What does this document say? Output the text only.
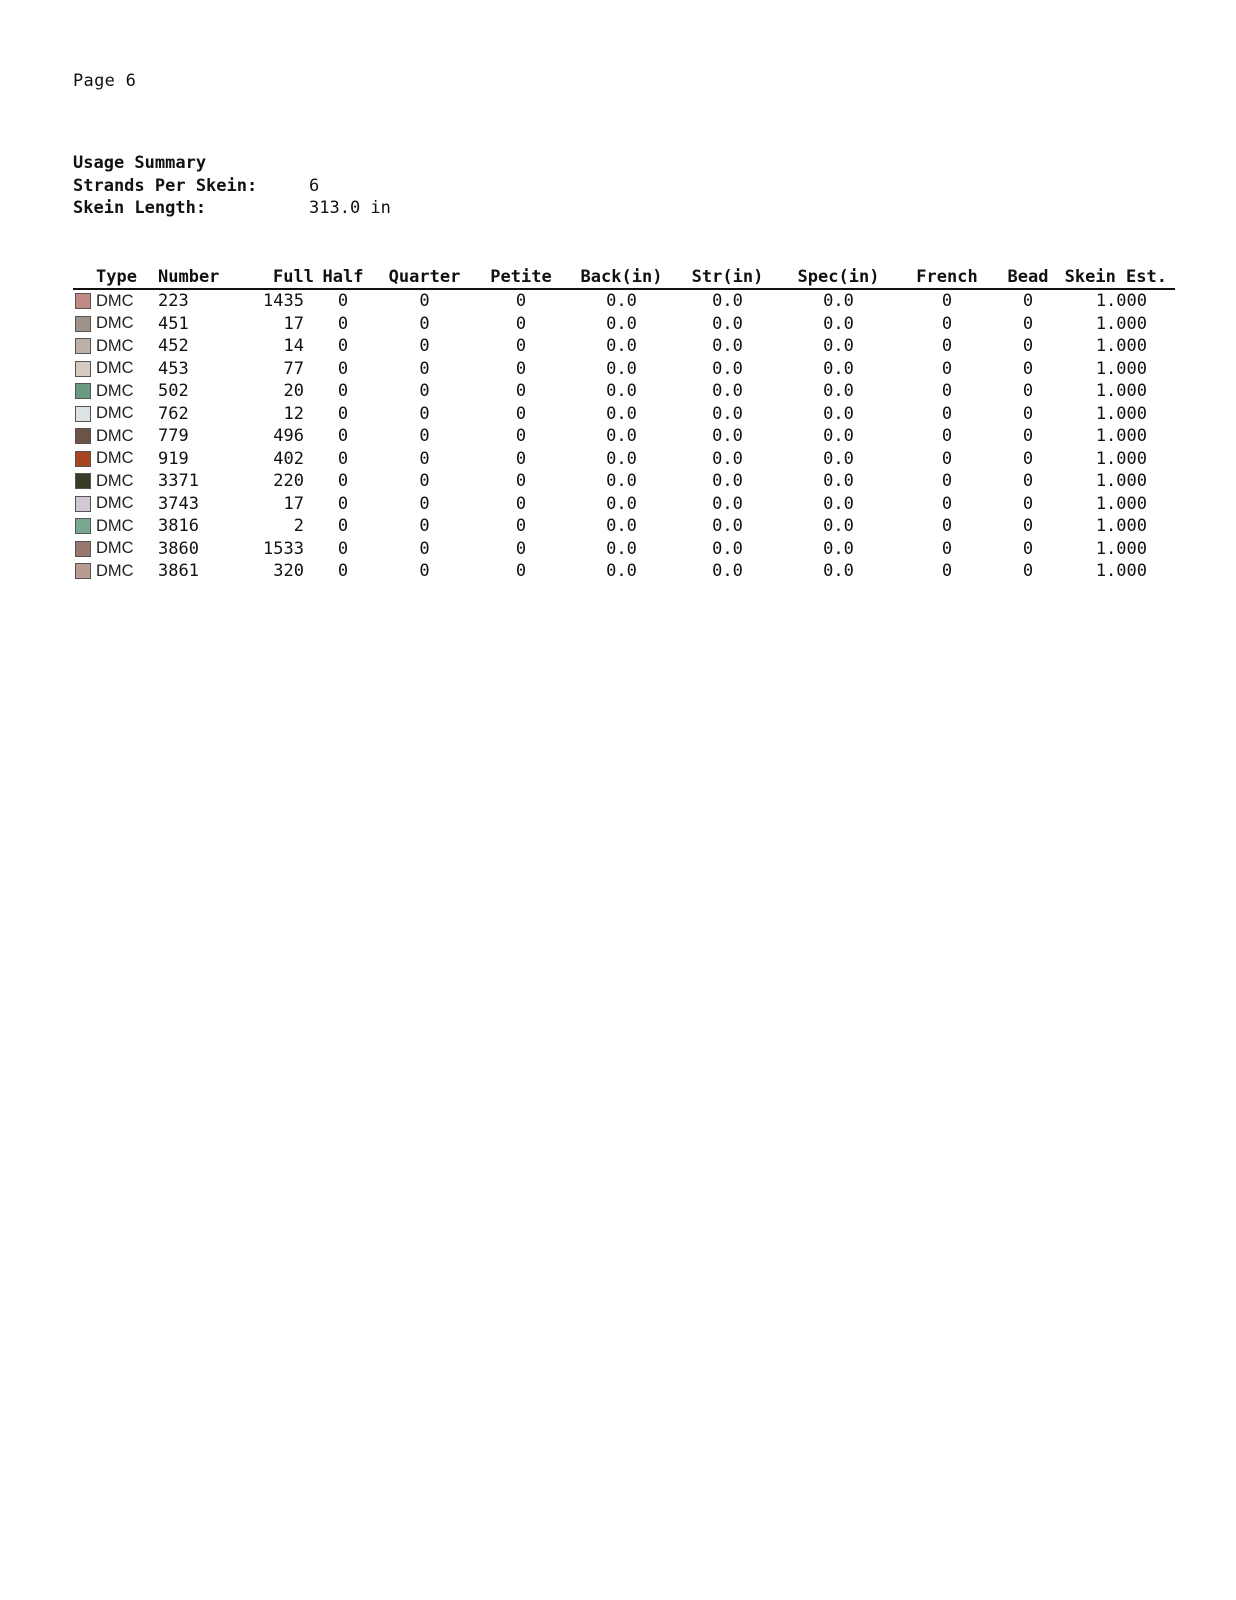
Page 6
Usage Summary
Strands Per Skein:	6
Skein Length:	313.0 in
	Type	Number	Full	Half	Quarter	Petite	Back(in)	Str(in)	Spec(in)	French	Bead	Skein Est.
	DMC	223	1435	0	0	0	0.0	0.0	0.0	0	0	1.000
	DMC	451	17	0	0	0	0.0	0.0	0.0	0	0	1.000
	DMC	452	14	0	0	0	0.0	0.0	0.0	0	0	1.000
	DMC	453	77	0	0	0	0.0	0.0	0.0	0	0	1.000
	DMC	502	20	0	0	0	0.0	0.0	0.0	0	0	1.000
	DMC	762	12	0	0	0	0.0	0.0	0.0	0	0	1.000
	DMC	779	496	0	0	0	0.0	0.0	0.0	0	0	1.000
	DMC	919	402	0	0	0	0.0	0.0	0.0	0	0	1.000
	DMC	3371	220	0	0	0	0.0	0.0	0.0	0	0	1.000
	DMC	3743	17	0	0	0	0.0	0.0	0.0	0	0	1.000
	DMC	3816	2	0	0	0	0.0	0.0	0.0	0	0	1.000
	DMC	3860	1533	0	0	0	0.0	0.0	0.0	0	0	1.000
	DMC	3861	320	0	0	0	0.0	0.0	0.0	0	0	1.000
